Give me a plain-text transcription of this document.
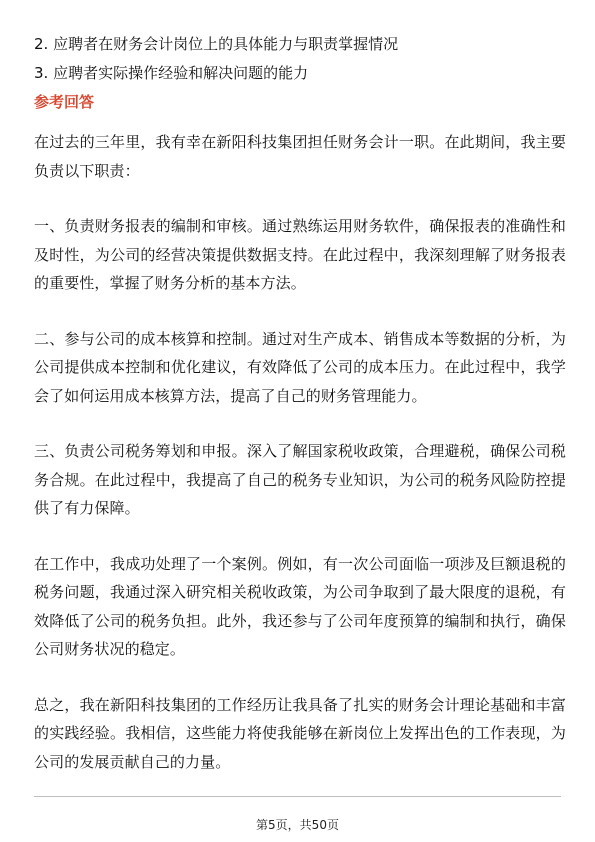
2. 应聘者在财务会计岗位上的具体能力与职责掌握情况

3. 应聘者实际操作经验和解决问题的能力

参考回答

在过去的三年里，我有幸在新阳科技集团担任财务会计一职。在此期间，我主要负责以下职责：

一、负责财务报表的编制和审核。通过熟练运用财务软件，确保报表的准确性和及时性，为公司的经营决策提供数据支持。在此过程中，我深刻理解了财务报表的重要性，掌握了财务分析的基本方法。

二、参与公司的成本核算和控制。通过对生产成本、销售成本等数据的分析，为公司提供成本控制和优化建议，有效降低了公司的成本压力。在此过程中，我学会了如何运用成本核算方法，提高了自己的财务管理能力。

三、负责公司税务筹划和申报。深入了解国家税收政策，合理避税，确保公司税务合规。在此过程中，我提高了自己的税务专业知识，为公司的税务风险防控提供了有力保障。

在工作中，我成功处理了一个案例。例如，有一次公司面临一项涉及巨额退税的税务问题，我通过深入研究相关税收政策，为公司争取到了最大限度的退税，有效降低了公司的税务负担。此外，我还参与了公司年度预算的编制和执行，确保公司财务状况的稳定。

总之，我在新阳科技集团的工作经历让我具备了扎实的财务会计理论基础和丰富的实践经验。我相信，这些能力将使我能够在新岗位上发挥出色的工作表现，为公司的发展贡献自己的力量。

第5页，共50页
